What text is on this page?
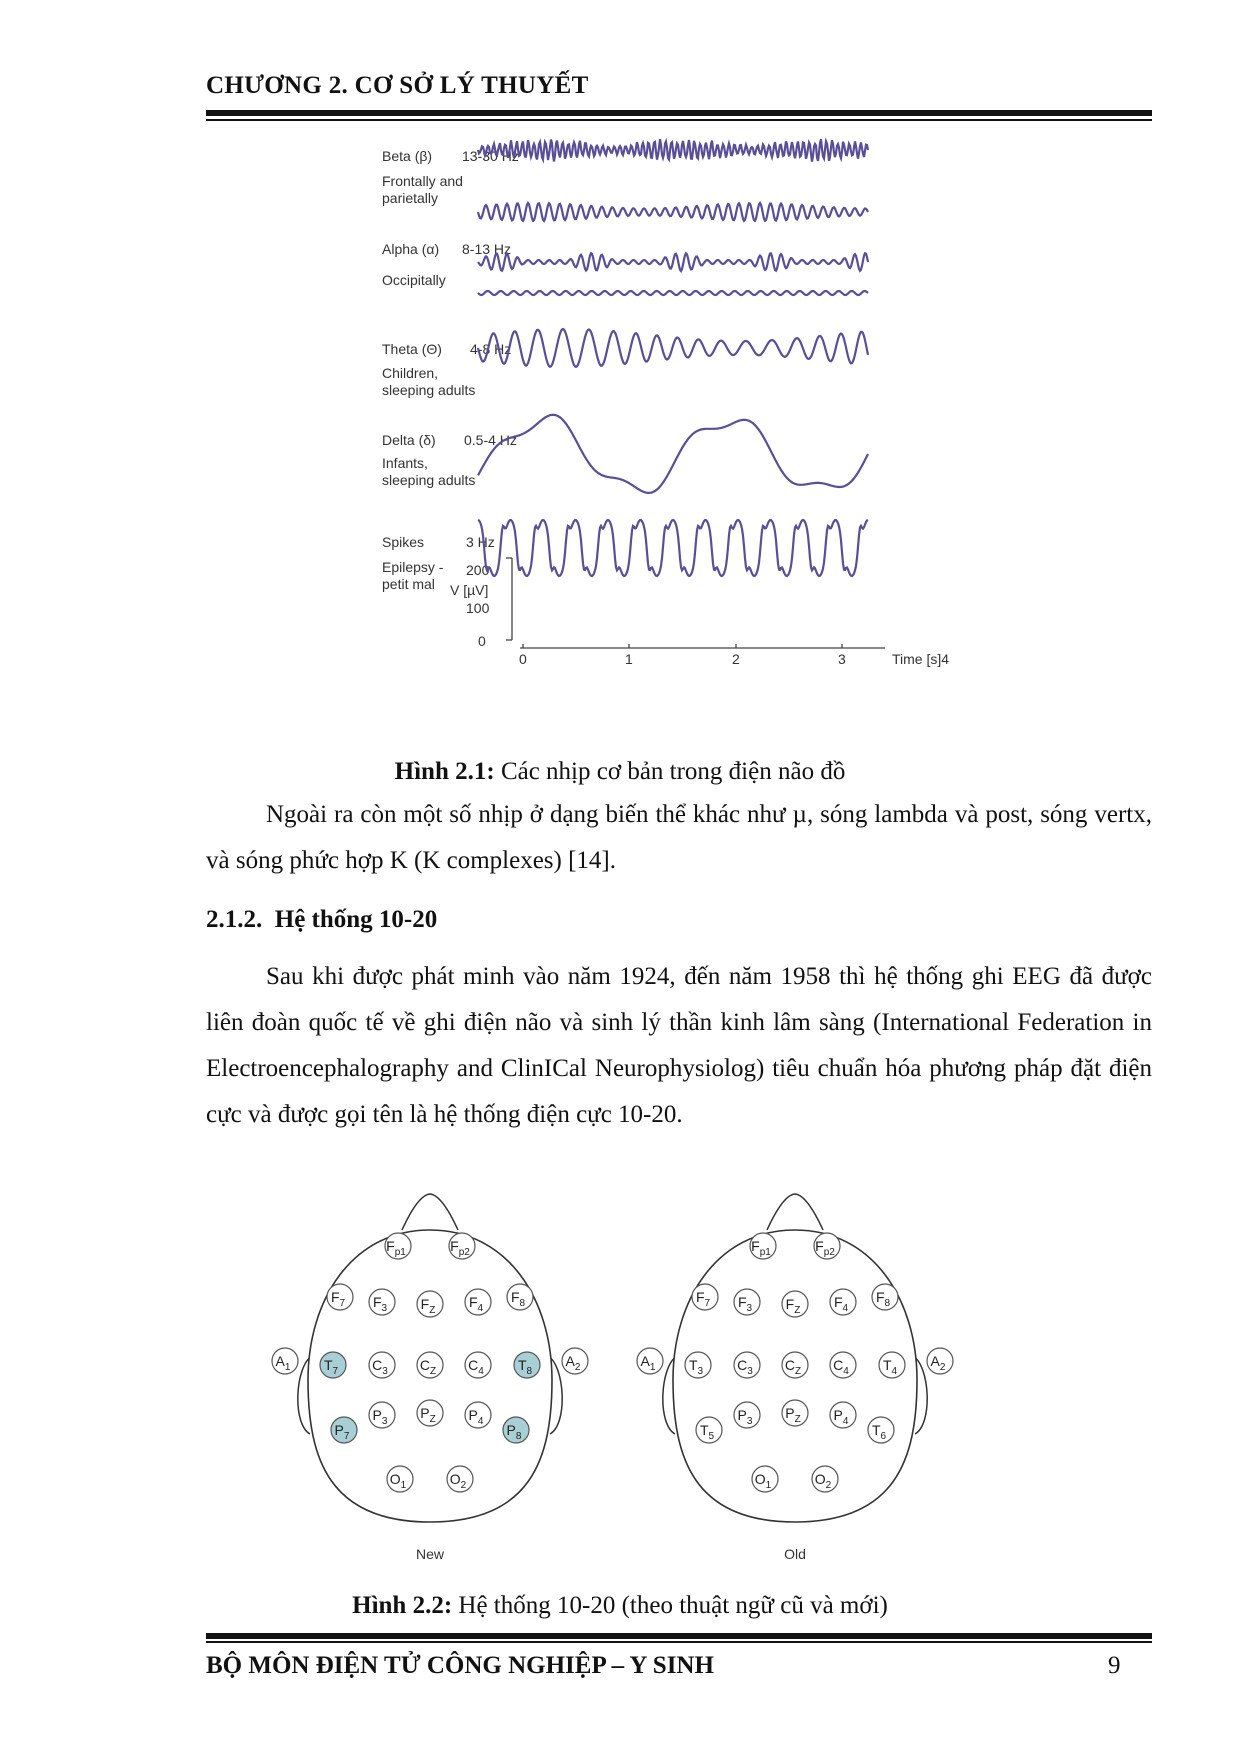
CHƯƠNG 2. CƠ SỞ LÝ THUYẾT
Beta (β) 13-30 Hz
Frontally and
parietally
Alpha (α) 8-13 Hz
Occipitally
Theta (Θ) 4-8 Hz
Children,
sleeping adults
Delta (δ) 0.5-4 Hz
Infants,
sleeping adults
Spikes	3 Hz
Epilepsy -
petit mal V [µV]
200
100
0
0	1	2	3	Time [s]4
Hình 2.1: Các nhịp cơ bản trong điện não đồ
Ngoài ra còn một số nhịp ở dạng biến thể khác như µ, sóng lambda và post, sóng vertx, và sóng phức hợp K (K complexes) [14].
2.1.2. Hệ thống 10-20
Sau khi được phát minh vào năm 1924, đến năm 1958 thì hệ thống ghi EEG đã được liên đoàn quốc tế về ghi điện não và sinh lý thần kinh lâm sàng (International Federation in Electroencephalography and ClinICal Neurophysiolog) tiêu chuẩn hóa phương pháp đặt điện cực và được gọi tên là hệ thống điện cực 10-20.
$F_{p1}$	$F_{p2}$
$F_7$ $F_3$ $F_Z$
$F_4$
$F_8$
$A_1$ $T_7$ $C_3$ $C_Z$ $C_4$ $T_8$
$A_2$
$P_7$
$P_3$
$P_Z$ $P_4$
$P_8$
$O_1$	$O_2$
New
$F_{p1}$	$F_{p2}$
$F_7$ $F_3$ $F_Z$
$F_4$
$F_8$
$A_1$ $T_3$ $C_3$ $C_Z$ $C_4$ $T_4$
$A_2$
$T_5$
$P_3$
$P_Z$ $P_4$
$T_6$
$O_1$	$O_2$
Old
Hình 2.2: Hệ thống 10-20 (theo thuật ngữ cũ và mới)
BỘ MÔN ĐIỆN TỬ CÔNG NGHIỆP – Y SINH	9
